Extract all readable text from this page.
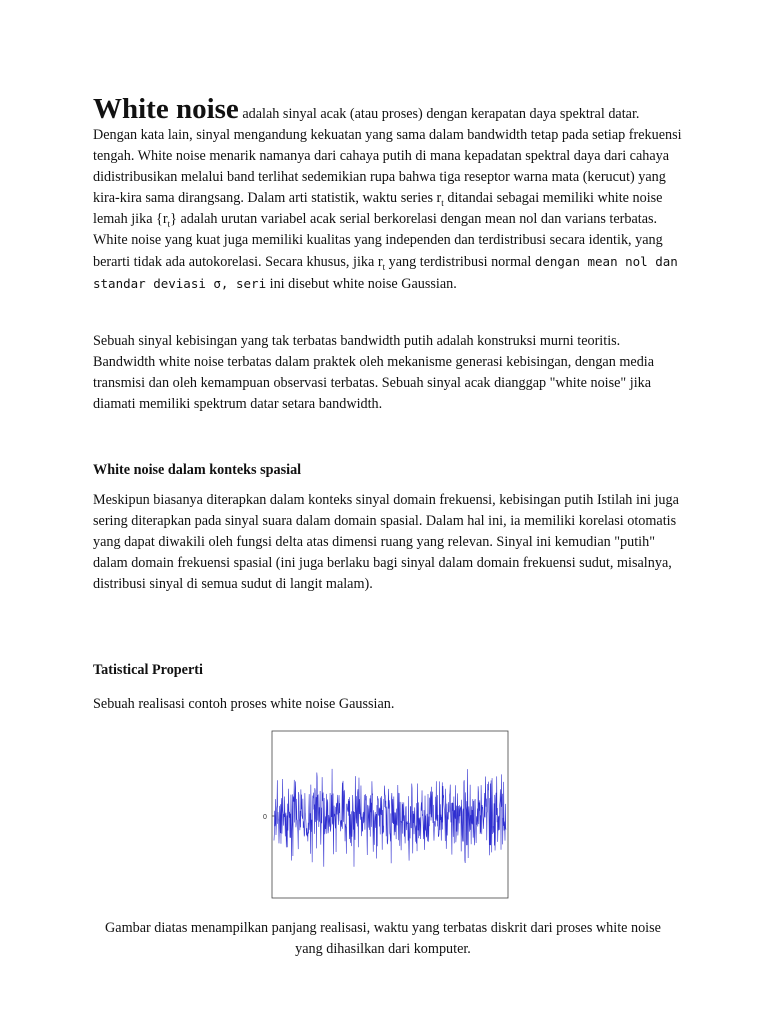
White noise adalah sinyal acak (atau proses) dengan kerapatan daya spektral datar. Dengan kata lain, sinyal mengandung kekuatan yang sama dalam bandwidth tetap pada setiap frekuensi tengah. White noise menarik namanya dari cahaya putih di mana kepadatan spektral daya dari cahaya didistribusikan melalui band terlihat sedemikian rupa bahwa tiga reseptor warna mata (kerucut) yang kira-kira sama dirangsang. Dalam arti statistik, waktu series $r_t$ ditandai sebagai memiliki white noise lemah jika $\{r_t\}$ adalah urutan variabel acak serial berkorelasi dengan mean nol dan varians terbatas. White noise yang kuat juga memiliki kualitas yang independen dan terdistribusi secara identik, yang berarti tidak ada autokorelasi. Secara khusus, jika $r_t$ yang terdistribusi normal dengan mean nol dan standar deviasi σ, seri ini disebut white noise Gaussian.
Sebuah sinyal kebisingan yang tak terbatas bandwidth putih adalah konstruksi murni teoritis. Bandwidth white noise terbatas dalam praktek oleh mekanisme generasi kebisingan, dengan media transmisi dan oleh kemampuan observasi terbatas. Sebuah sinyal acak dianggap "white noise" jika diamati memiliki spektrum datar setara bandwidth.
White noise dalam konteks spasial
Meskipun biasanya diterapkan dalam konteks sinyal domain frekuensi, kebisingan putih Istilah ini juga sering diterapkan pada sinyal suara dalam domain spasial. Dalam hal ini, ia memiliki korelasi otomatis yang dapat diwakili oleh fungsi delta atas dimensi ruang yang relevan. Sinyal ini kemudian "putih" dalam domain frekuensi spasial (ini juga berlaku bagi sinyal dalam domain frekuensi sudut, misalnya, distribusi sinyal di semua sudut di langit malam).
Tatistical Properti
Sebuah realisasi contoh proses white noise Gaussian.
0
Gambar diatas menampilkan panjang realisasi, waktu yang terbatas diskrit dari proses white noise yang dihasilkan dari komputer.
